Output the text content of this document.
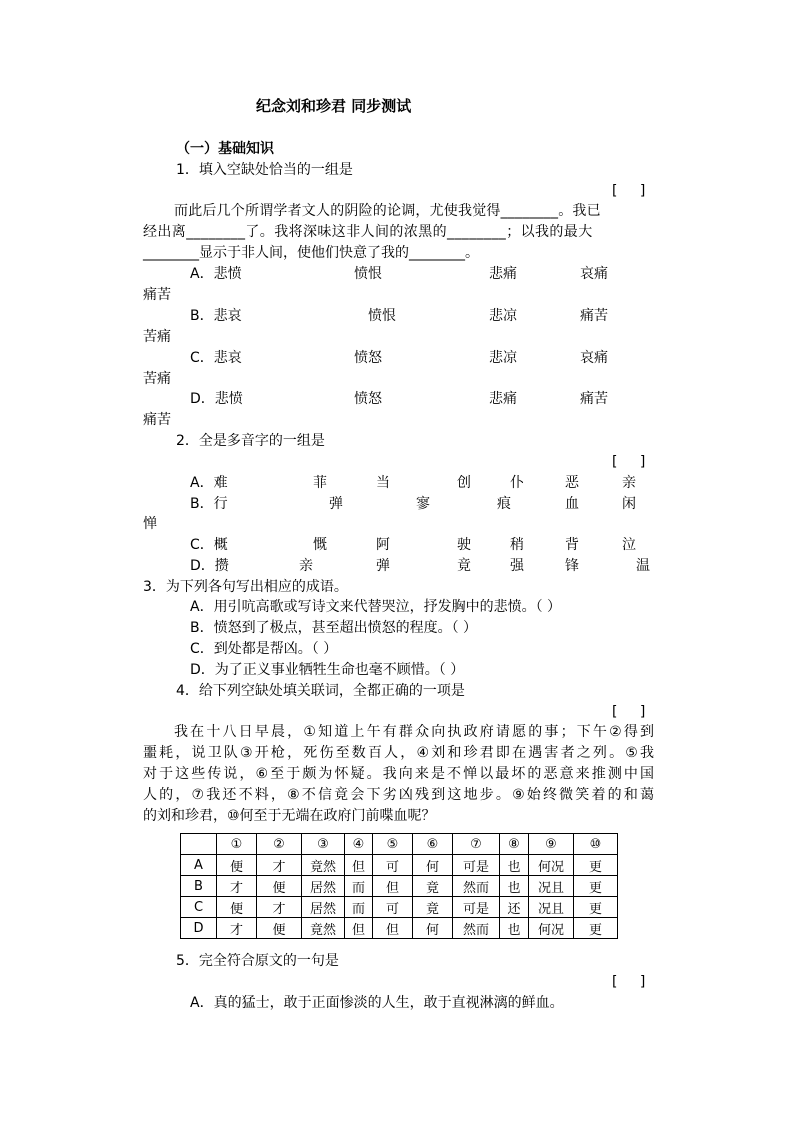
纪念刘和珍君 同步测试
（一）基础知识
1．填入空缺处恰当的一组是
[ ]
而此后几个所谓学者文人的阴险的论调，尤使我觉得________。我已
经出离________了。我将深味这非人间的浓黑的________；以我的最大
________显示于非人间，使他们快意了我的________。
A．悲愤	愤恨	悲痛	哀痛
痛苦
B．悲哀	愤恨	悲凉	痛苦
苦痛
C．悲哀	愤怒	悲凉	哀痛
苦痛
D．悲愤	愤怒	悲痛	痛苦
痛苦
2．全是多音字的一组是
[ ]
A．难	菲	当	创	仆	恶	亲
B．行	弹	寥	痕	血	闲
惮
C．概	慨	阿	驶	稍	背	泣
D．攒	亲	弹	竟	强	锋	温
3．为下列各句写出相应的成语。
A．用引吭高歌或写诗文来代替哭泣，抒发胸中的悲愤。（ ）
B．愤怒到了极点，甚至超出愤怒的程度。（ ）
C．到处都是帮凶。（ ）
D．为了正义事业牺牲生命也毫不顾惜。（ ）
4．给下列空缺处填关联词，全都正确的一项是
[ ]
我在十八日早晨，①知道上午有群众向执政府请愿的事；下午②得到
噩耗，说卫队③开枪，死伤至数百人，④刘和珍君即在遇害者之列。⑤我
对于这些传说，⑥至于颇为怀疑。我向来是不惮以最坏的恶意来推测中国
人的，⑦我还不料，⑧不信竟会下劣凶残到这地步。⑨始终微笑着的和蔼
的刘和珍君，⑩何至于无端在政府门前喋血呢？
	①	②	③	④	⑤	⑥	⑦	⑧	⑨	⑩
A	便	才	竟然	但	可	何	可是	也	何况	更
B	才	便	居然	而	但	竟	然而	也	况且	更
C	便	才	居然	而	可	竟	可是	还	况且	更
D	才	便	竟然	但	但	何	然而	也	何况	更
5．完全符合原文的一句是
[ ]
A．真的猛士，敢于正面惨淡的人生，敢于直视淋漓的鲜血。
